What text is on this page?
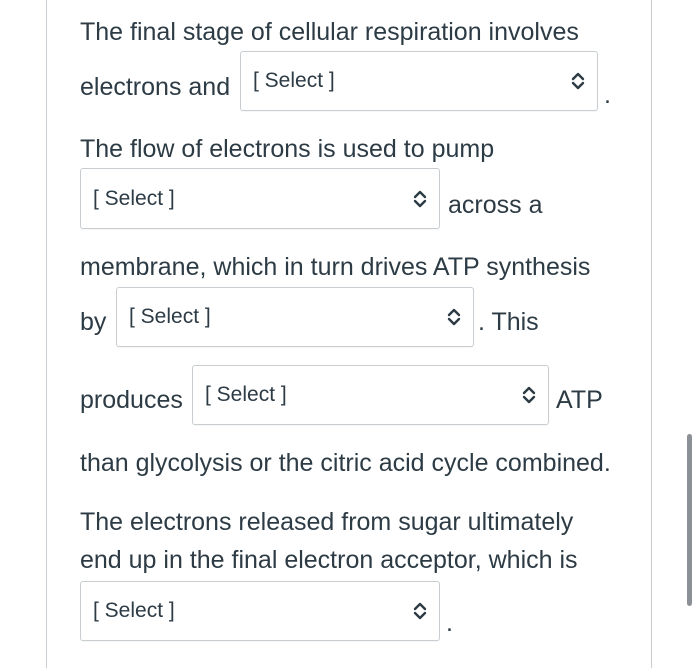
The final stage of cellular respiration involves
electrons and [ Select ]
.
The flow of electrons is used to pump
[ Select ]	across a
membrane, which in turn drives ATP synthesis
by [ Select ]	. This
produces [ Select ]	ATP
than glycolysis or the citric acid cycle combined.
The electrons released from sugar ultimately
end up in the final electron acceptor, which is
[ Select ]	.
